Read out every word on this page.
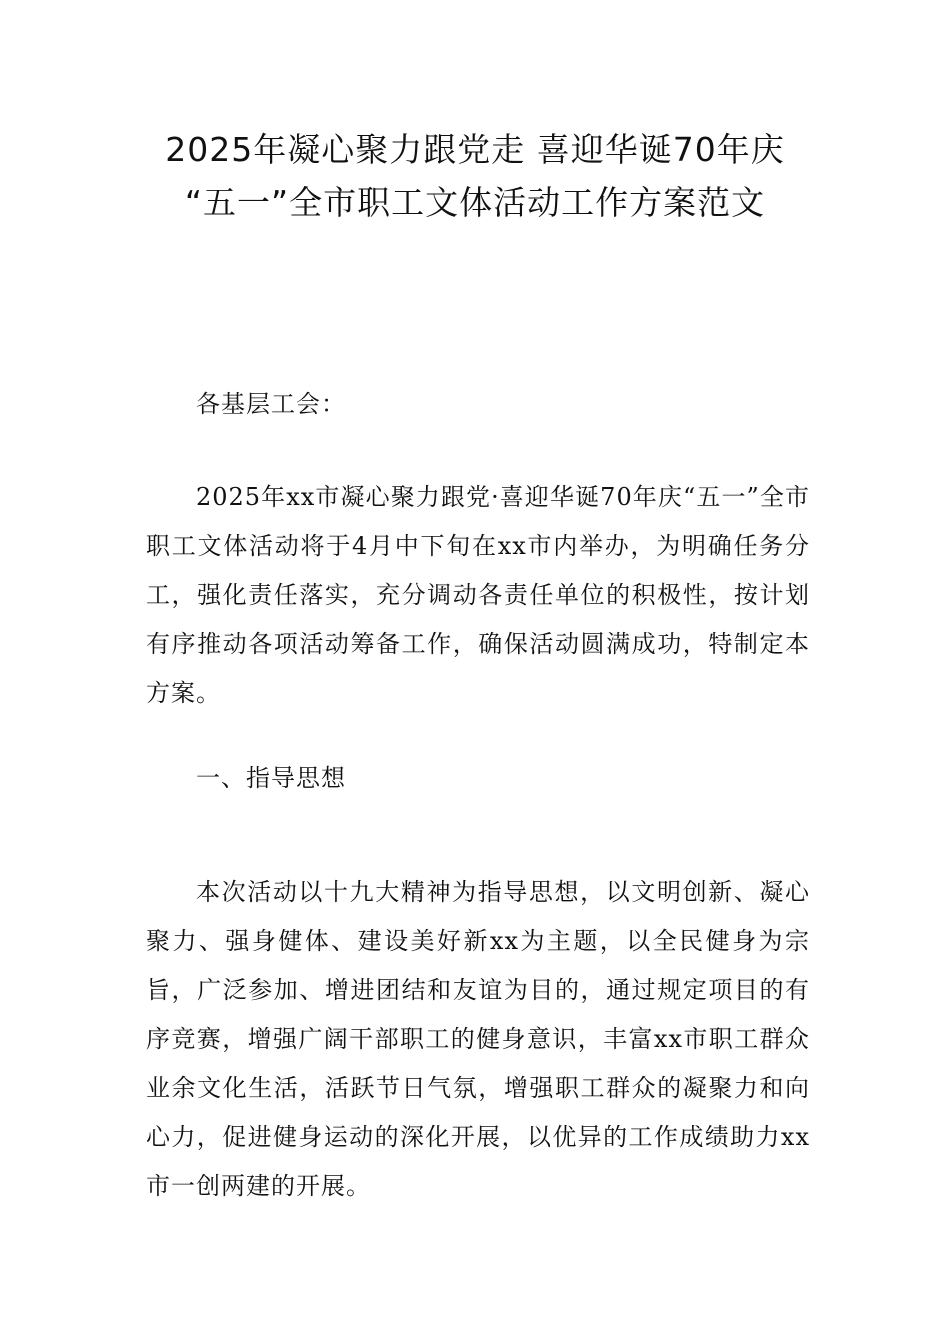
2025年凝心聚力跟党走 喜迎华诞70年庆
“五一”全市职工文体活动工作方案范文

各基层工会：

2025年xx市凝心聚力跟党·喜迎华诞70年庆“五一”全市职工文体活动将于4月中下旬在xx市内举办，为明确任务分工，强化责任落实，充分调动各责任单位的积极性，按计划有序推动各项活动筹备工作，确保活动圆满成功，特制定本方案。

一、指导思想

本次活动以十九大精神为指导思想，以文明创新、凝心聚力、强身健体、建设美好新xx为主题，以全民健身为宗旨，广泛参加、增进团结和友谊为目的，通过规定项目的有序竞赛，增强广阔干部职工的健身意识，丰富xx市职工群众业余文化生活，活跃节日气氛，增强职工群众的凝聚力和向心力，促进健身运动的深化开展，以优异的工作成绩助力xx市一创两建的开展。
